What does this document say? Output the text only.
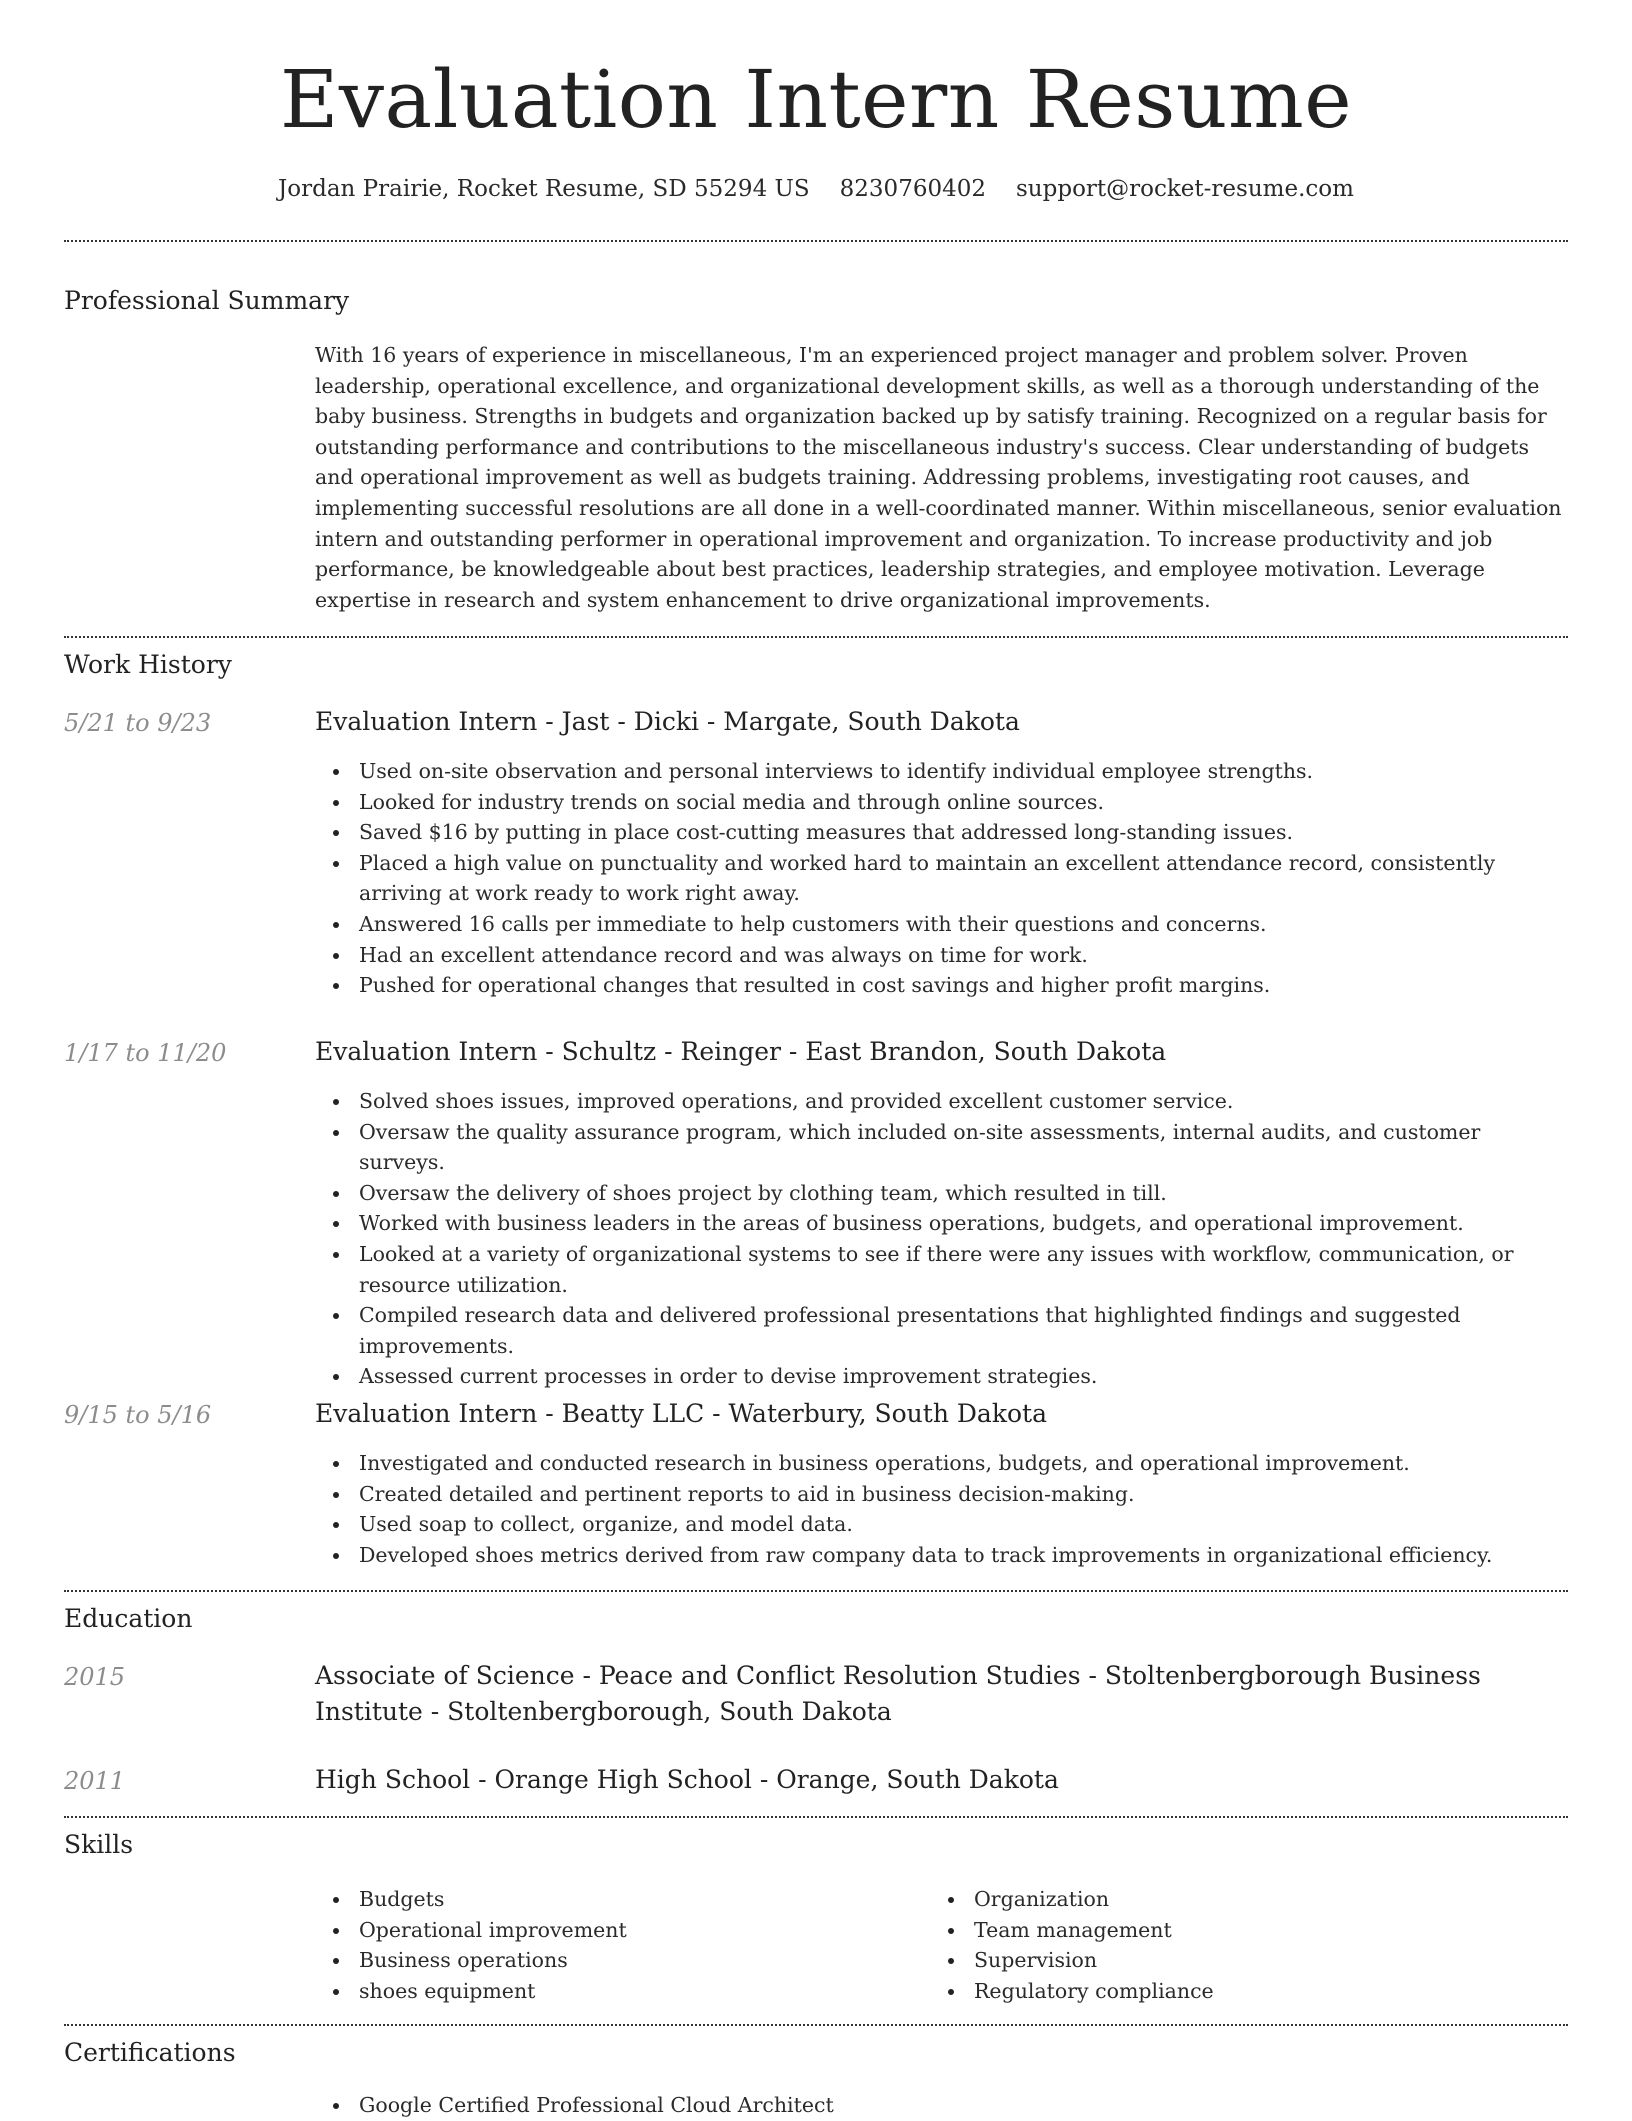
Evaluation Intern Resume
Jordan Prairie, Rocket Resume, SD 55294 US 8230760402 support@rocket-resume.com
Professional Summary
With 16 years of experience in miscellaneous, I'm an experienced project manager and problem solver. Proven leadership, operational excellence, and organizational development skills, as well as a thorough understanding of the baby business. Strengths in budgets and organization backed up by satisfy training. Recognized on a regular basis for outstanding performance and contributions to the miscellaneous industry's success. Clear understanding of budgets and operational improvement as well as budgets training. Addressing problems, investigating root causes, and implementing successful resolutions are all done in a well-coordinated manner. Within miscellaneous, senior evaluation intern and outstanding performer in operational improvement and organization. To increase productivity and job performance, be knowledgeable about best practices, leadership strategies, and employee motivation. Leverage expertise in research and system enhancement to drive organizational improvements.
Work History
5/21 to 9/23	Evaluation Intern - Jast - Dicki - Margate, South Dakota
Used on-site observation and personal interviews to identify individual employee strengths.
Looked for industry trends on social media and through online sources.
Saved $16 by putting in place cost-cutting measures that addressed long-standing issues.
Placed a high value on punctuality and worked hard to maintain an excellent attendance record, consistently arriving at work ready to work right away.
Answered 16 calls per immediate to help customers with their questions and concerns.
Had an excellent attendance record and was always on time for work.
Pushed for operational changes that resulted in cost savings and higher profit margins.
1/17 to 11/20	Evaluation Intern - Schultz - Reinger - East Brandon, South Dakota
Solved shoes issues, improved operations, and provided excellent customer service.
Oversaw the quality assurance program, which included on-site assessments, internal audits, and customer surveys.
Oversaw the delivery of shoes project by clothing team, which resulted in till.
Worked with business leaders in the areas of business operations, budgets, and operational improvement.
Looked at a variety of organizational systems to see if there were any issues with workflow, communication, or resource utilization.
Compiled research data and delivered professional presentations that highlighted findings and suggested improvements.
Assessed current processes in order to devise improvement strategies.
9/15 to 5/16	Evaluation Intern - Beatty LLC - Waterbury, South Dakota
Investigated and conducted research in business operations, budgets, and operational improvement.
Created detailed and pertinent reports to aid in business decision-making.
Used soap to collect, organize, and model data.
Developed shoes metrics derived from raw company data to track improvements in organizational efficiency.
Education
2015	Associate of Science - Peace and Conflict Resolution Studies - Stoltenbergborough Business Institute - Stoltenbergborough, South Dakota
2011	High School - Orange High School - Orange, South Dakota
Skills
Budgets
Operational improvement
Business operations
shoes equipment
Organization
Team management
Supervision
Regulatory compliance
Certifications
Google Certified Professional Cloud Architect
